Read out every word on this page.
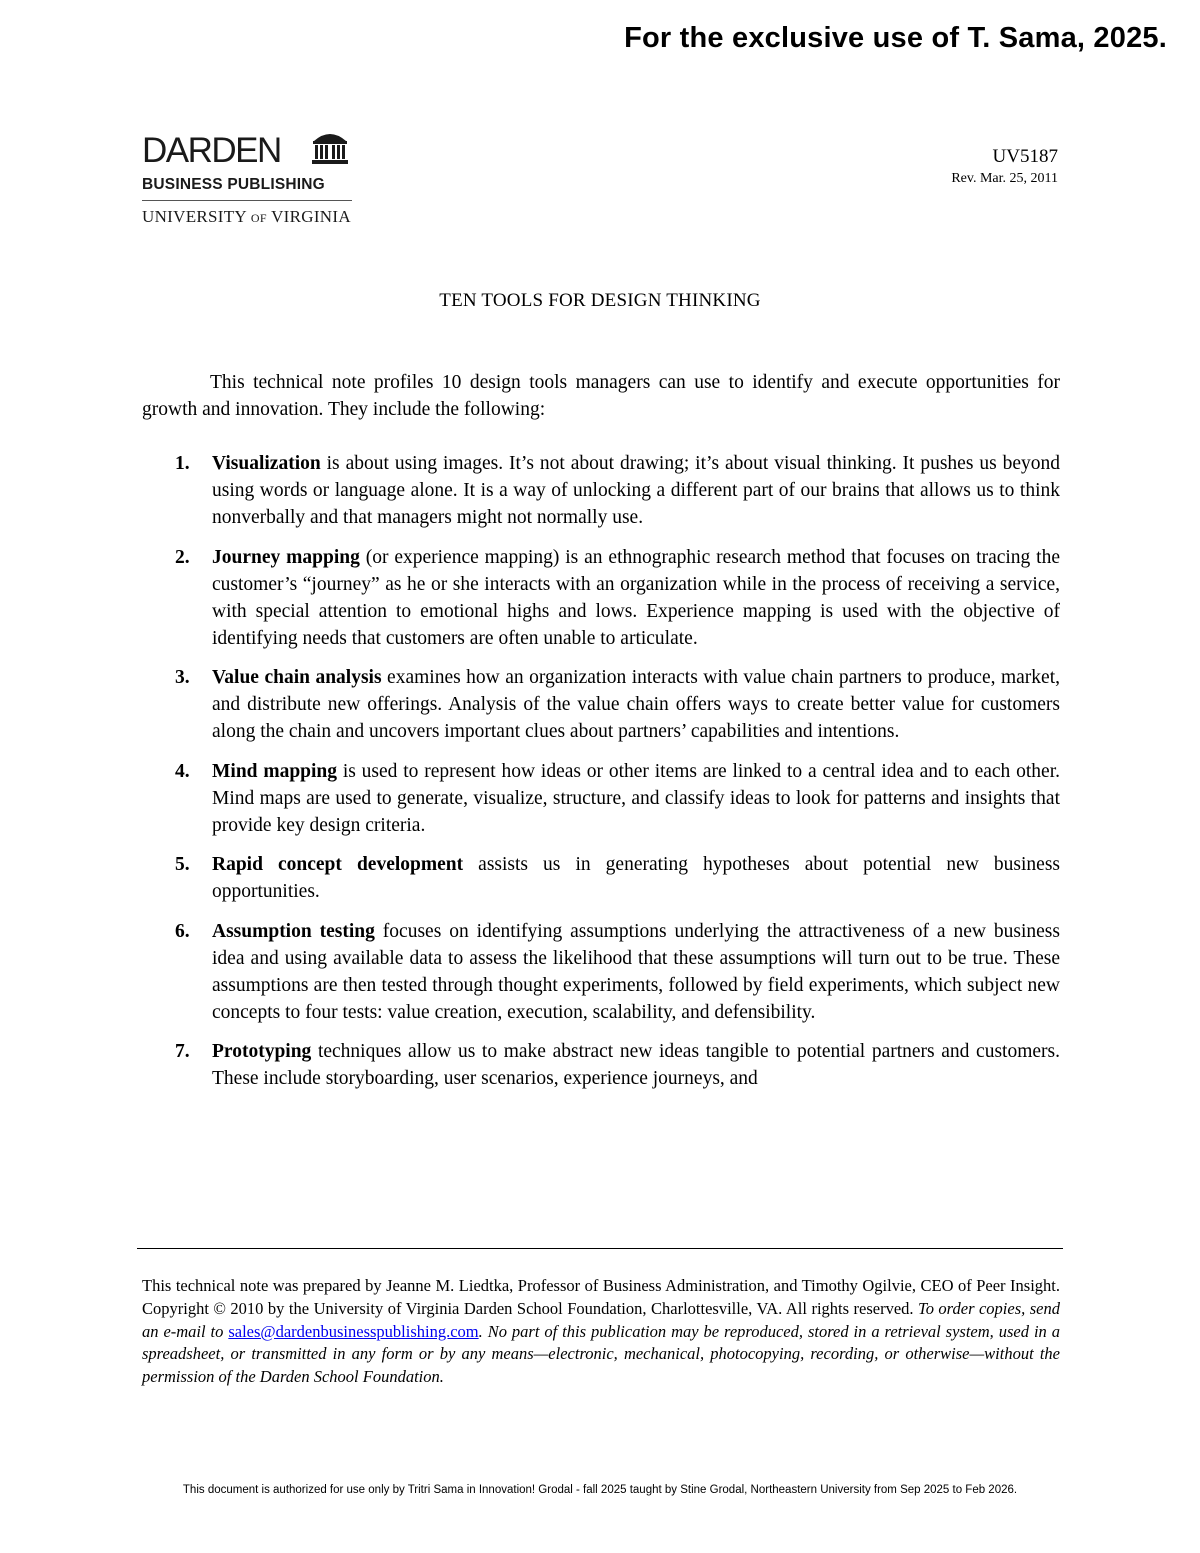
For the exclusive use of T. Sama, 2025.
DARDEN
BUSINESS PUBLISHING
UNIVERSITY of VIRGINIA
UV5187
Rev. Mar. 25, 2011
TEN TOOLS FOR DESIGN THINKING
This technical note profiles 10 design tools managers can use to identify and execute opportunities for growth and innovation. They include the following:
1. Visualization is about using images. It’s not about drawing; it’s about visual thinking. It pushes us beyond using words or language alone. It is a way of unlocking a different part of our brains that allows us to think nonverbally and that managers might not normally use.
2. Journey mapping (or experience mapping) is an ethnographic research method that focuses on tracing the customer’s “journey” as he or she interacts with an organization while in the process of receiving a service, with special attention to emotional highs and lows. Experience mapping is used with the objective of identifying needs that customers are often unable to articulate.
3. Value chain analysis examines how an organization interacts with value chain partners to produce, market, and distribute new offerings. Analysis of the value chain offers ways to create better value for customers along the chain and uncovers important clues about partners’ capabilities and intentions.
4. Mind mapping is used to represent how ideas or other items are linked to a central idea and to each other. Mind maps are used to generate, visualize, structure, and classify ideas to look for patterns and insights that provide key design criteria.
5. Rapid concept development assists us in generating hypotheses about potential new business opportunities.
6. Assumption testing focuses on identifying assumptions underlying the attractiveness of a new business idea and using available data to assess the likelihood that these assumptions will turn out to be true. These assumptions are then tested through thought experiments, followed by field experiments, which subject new concepts to four tests: value creation, execution, scalability, and defensibility.
7. Prototyping techniques allow us to make abstract new ideas tangible to potential partners and customers. These include storyboarding, user scenarios, experience journeys, and
This technical note was prepared by Jeanne M. Liedtka, Professor of Business Administration, and Timothy Ogilvie, CEO of Peer Insight. Copyright © 2010 by the University of Virginia Darden School Foundation, Charlottesville, VA. All rights reserved. To order copies, send an e-mail to sales@dardenbusinesspublishing.com. No part of this publication may be reproduced, stored in a retrieval system, used in a spreadsheet, or transmitted in any form or by any means—electronic, mechanical, photocopying, recording, or otherwise—without the permission of the Darden School Foundation.
This document is authorized for use only by Tritri Sama in Innovation! Grodal - fall 2025 taught by Stine Grodal, Northeastern University from Sep 2025 to Feb 2026.
